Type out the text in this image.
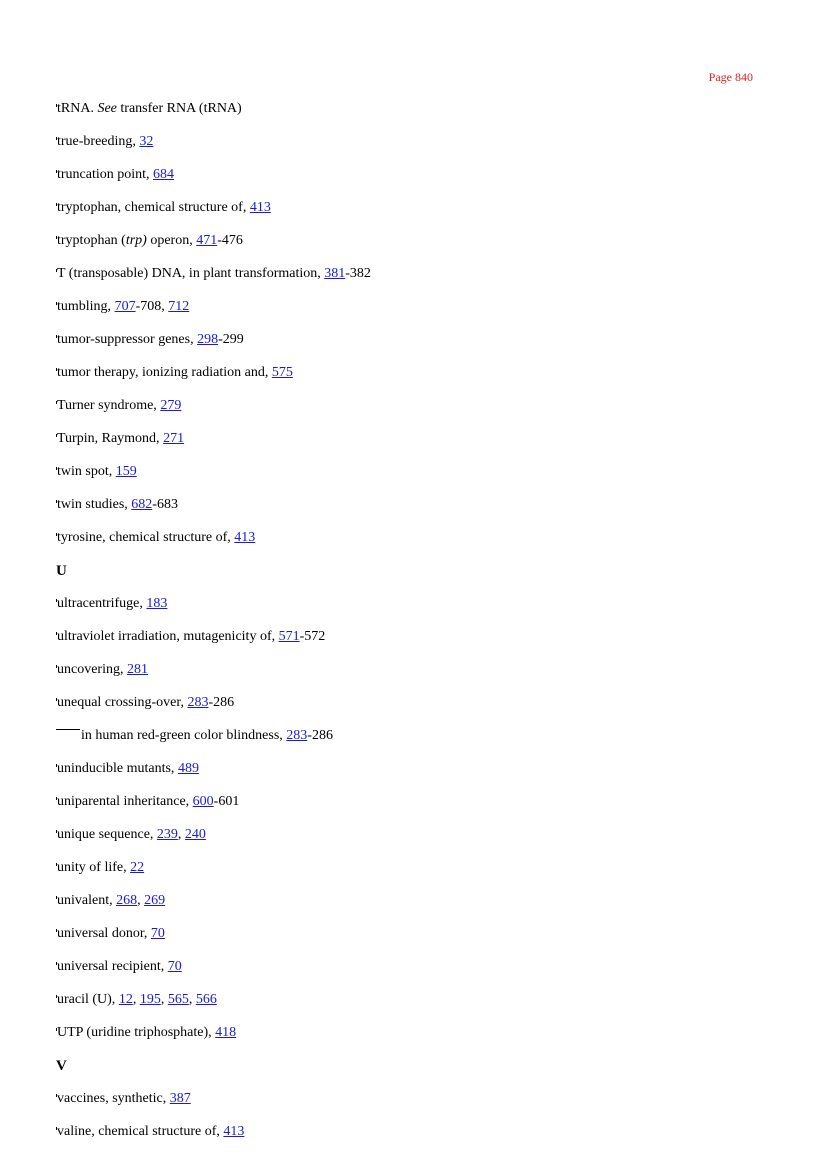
Page 840
tRNA. See transfer RNA (tRNA)
true-breeding, 32
truncation point, 684
tryptophan, chemical structure of, 413
tryptophan (trp) operon, 471-476
T (transposable) DNA, in plant transformation, 381-382
tumbling, 707-708, 712
tumor-suppressor genes, 298-299
tumor therapy, ionizing radiation and, 575
Turner syndrome, 279
Turpin, Raymond, 271
twin spot, 159
twin studies, 682-683
tyrosine, chemical structure of, 413
U
ultracentrifuge, 183
ultraviolet irradiation, mutagenicity of, 571-572
uncovering, 281
unequal crossing-over, 283-286
in human red-green color blindness, 283-286
uninducible mutants, 489
uniparental inheritance, 600-601
unique sequence, 239, 240
unity of life, 22
univalent, 268, 269
universal donor, 70
universal recipient, 70
uracil (U), 12, 195, 565, 566
UTP (uridine triphosphate), 418
V
vaccines, synthetic, 387
valine, chemical structure of, 413
